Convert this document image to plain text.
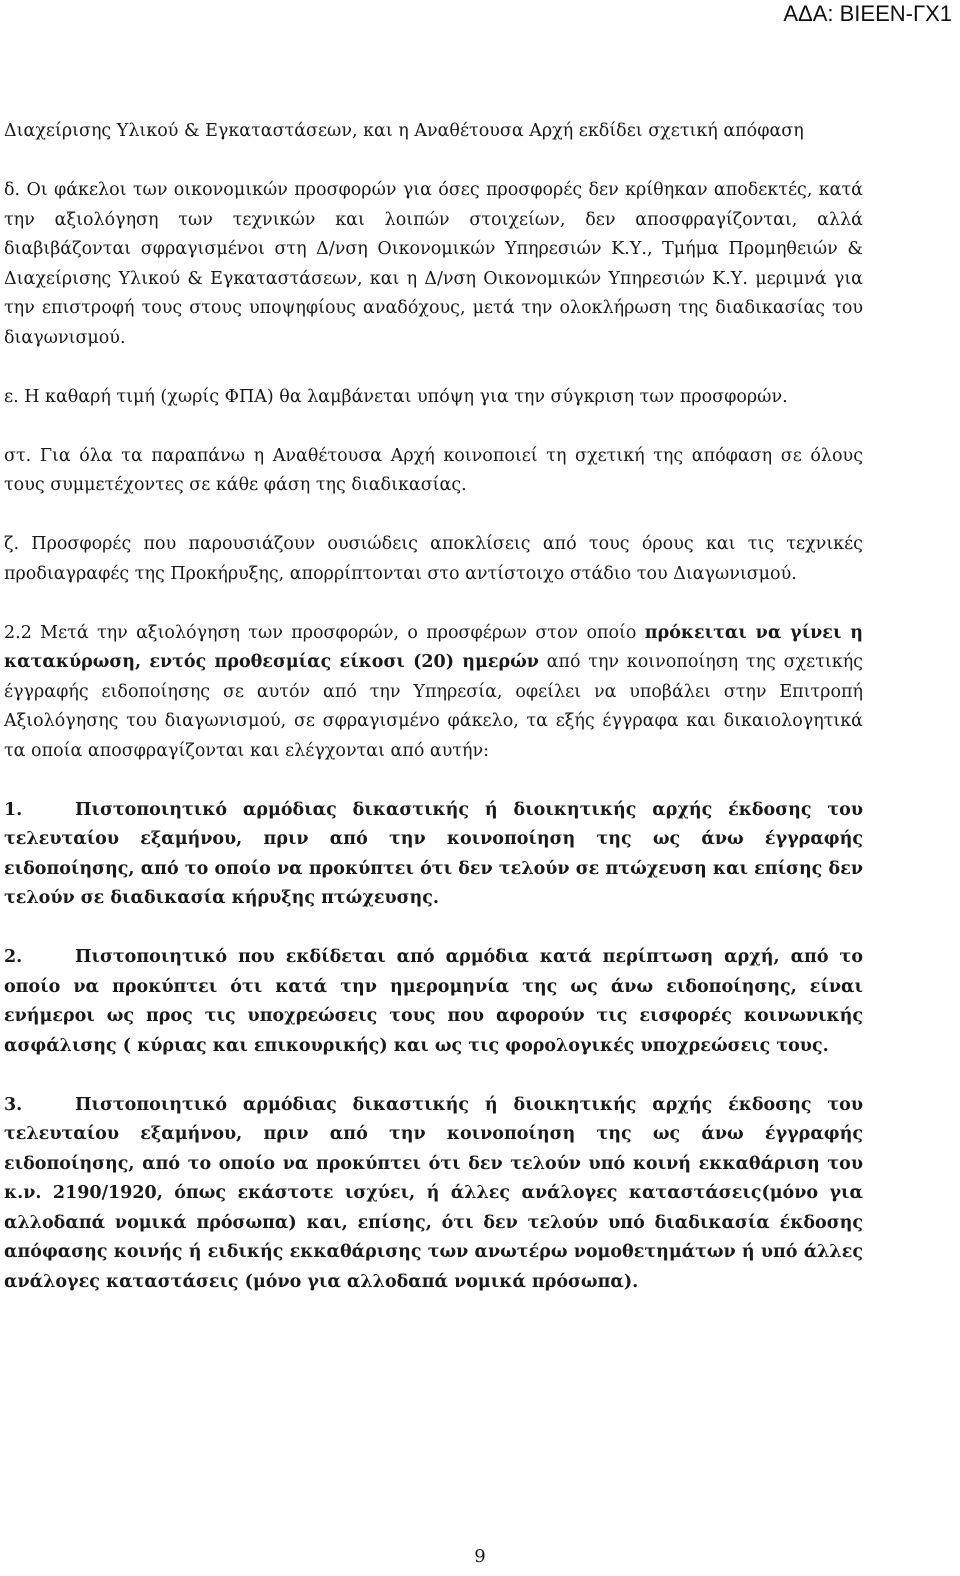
ΑΔΑ: ΒΙΕΕΝ-ΓΧ1

Διαχείρισης Υλικού & Εγκαταστάσεων, και η Αναθέτουσα Αρχή εκδίδει σχετική απόφαση

δ. Οι φάκελοι των οικονομικών προσφορών για όσες προσφορές δεν κρίθηκαν αποδεκτές, κατά την αξιολόγηση των τεχνικών και λοιπών στοιχείων, δεν αποσφραγίζονται, αλλά διαβιβάζονται σφραγισμένοι στη Δ/νση Οικονομικών Υπηρεσιών Κ.Υ., Τμήμα Προμηθειών & Διαχείρισης Υλικού & Εγκαταστάσεων, και η Δ/νση Οικονομικών Υπηρεσιών Κ.Υ. μεριμνά για την επιστροφή τους στους υποψηφίους αναδόχους, μετά την ολοκλήρωση της διαδικασίας του διαγωνισμού.

ε. Η καθαρή τιμή (χωρίς ΦΠΑ) θα λαμβάνεται υπόψη για την σύγκριση των προσφορών.

στ. Για όλα τα παραπάνω η Αναθέτουσα Αρχή κοινοποιεί τη σχετική της απόφαση σε όλους τους συμμετέχοντες σε κάθε φάση της διαδικασίας.

ζ. Προσφορές που παρουσιάζουν ουσιώδεις αποκλίσεις από τους όρους και τις τεχνικές προδιαγραφές της Προκήρυξης, απορρίπτονται στο αντίστοιχο στάδιο του Διαγωνισμού.

2.2 Μετά την αξιολόγηση των προσφορών, ο προσφέρων στον οποίο πρόκειται να γίνει η κατακύρωση, εντός προθεσμίας είκοσι (20) ημερών από την κοινοποίηση της σχετικής έγγραφής ειδοποίησης σε αυτόν από την Υπηρεσία, οφείλει να υποβάλει στην Επιτροπή Αξιολόγησης του διαγωνισμού, σε σφραγισμένο φάκελο, τα εξής έγγραφα και δικαιολογητικά τα οποία αποσφραγίζονται και ελέγχονται από αυτήν:

1.	Πιστοποιητικό αρμόδιας δικαστικής ή διοικητικής αρχής έκδοσης του τελευταίου εξαμήνου, πριν από την κοινοποίηση της ως άνω έγγραφής ειδοποίησης, από το οποίο να προκύπτει ότι δεν τελούν σε πτώχευση και επίσης δεν τελούν σε διαδικασία κήρυξης πτώχευσης.

2.	Πιστοποιητικό που εκδίδεται από αρμόδια κατά περίπτωση αρχή, από το οποίο να προκύπτει ότι κατά την ημερομηνία της ως άνω ειδοποίησης, είναι ενήμεροι ως προς τις υποχρεώσεις τους που αφορούν τις εισφορές κοινωνικής ασφάλισης ( κύριας και επικουρικής) και ως τις φορολογικές υποχρεώσεις τους.

3.	Πιστοποιητικό αρμόδιας δικαστικής ή διοικητικής αρχής έκδοσης του τελευταίου εξαμήνου, πριν από την κοινοποίηση της ως άνω έγγραφής ειδοποίησης, από το οποίο να προκύπτει ότι δεν τελούν υπό κοινή εκκαθάριση του κ.ν. 2190/1920, όπως εκάστοτε ισχύει, ή άλλες ανάλογες καταστάσεις(μόνο για αλλοδαπά νομικά πρόσωπα) και, επίσης, ότι δεν τελούν υπό διαδικασία έκδοσης απόφασης κοινής ή ειδικής εκκαθάρισης των ανωτέρω νομοθετημάτων ή υπό άλλες ανάλογες καταστάσεις (μόνο για αλλοδαπά νομικά πρόσωπα).

9
